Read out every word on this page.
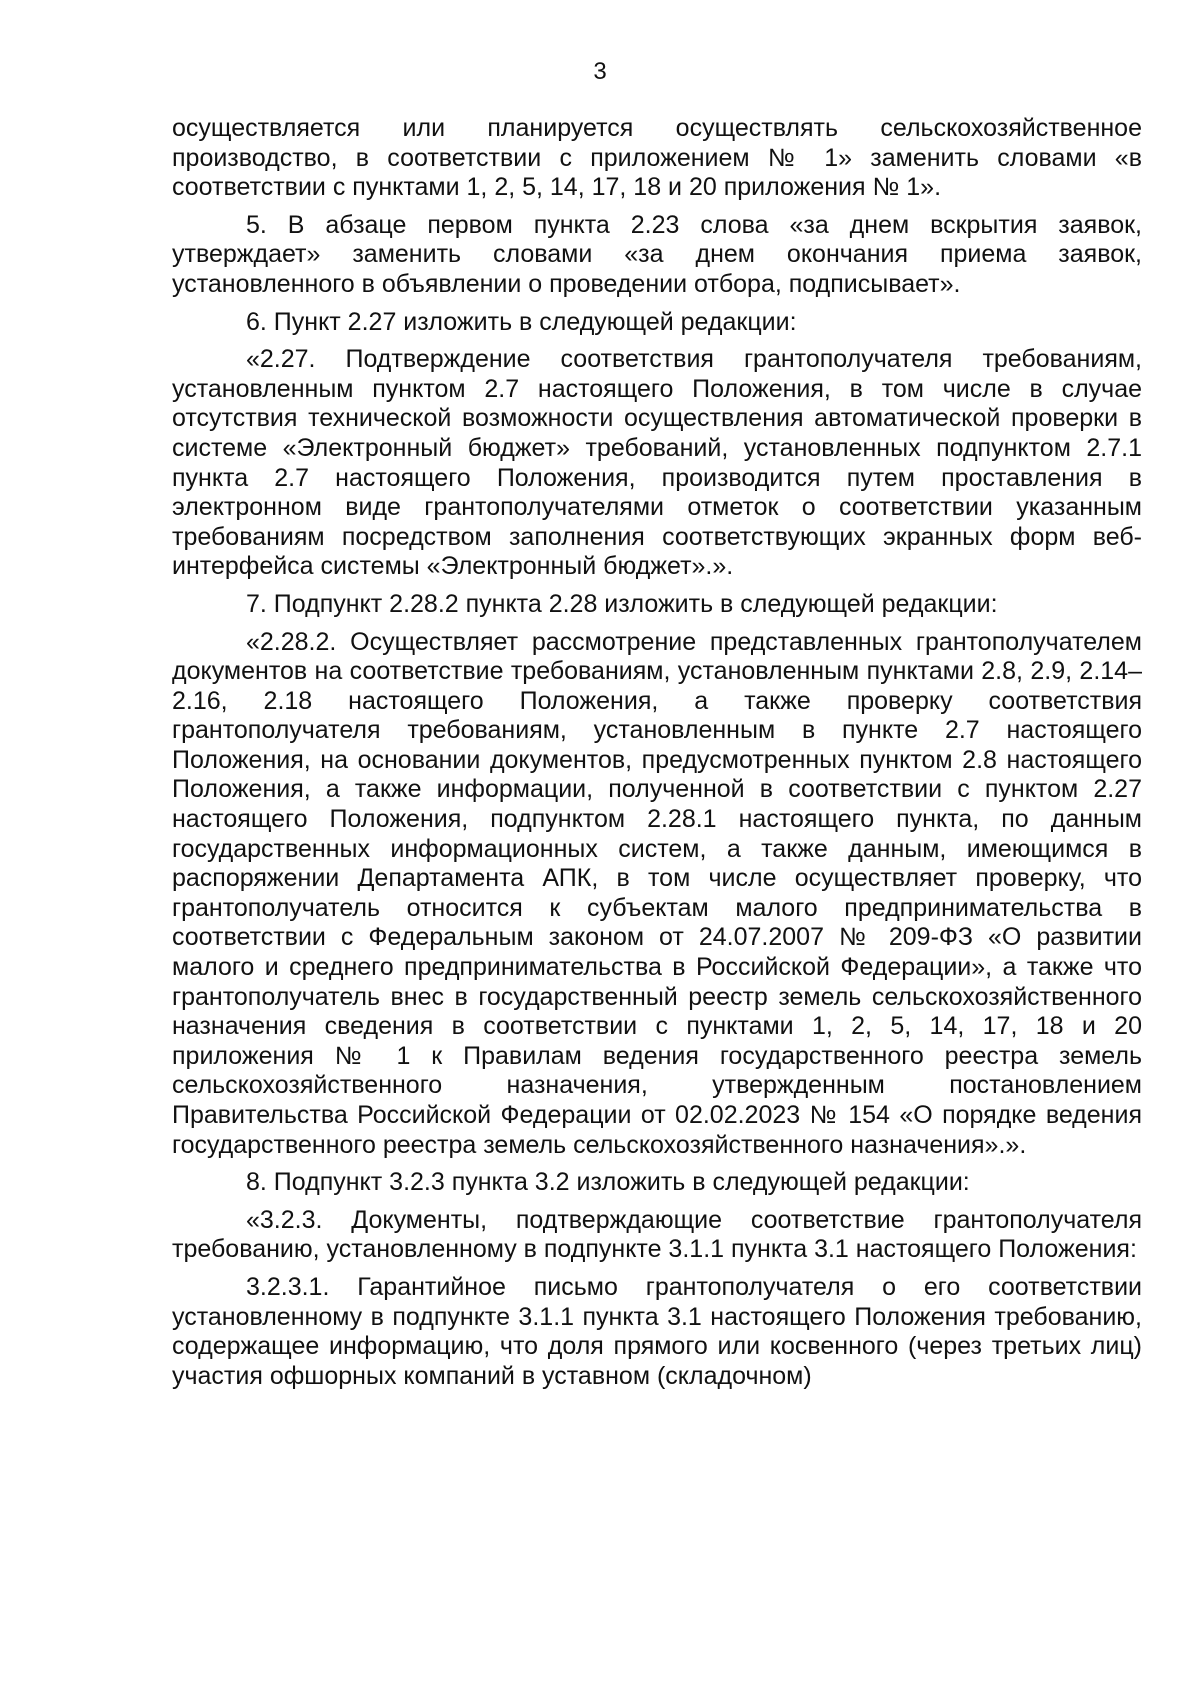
3

осуществляется или планируется осуществлять сельскохозяйственное производство, в соответствии с приложением № 1» заменить словами «в соответствии с пунктами 1, 2, 5, 14, 17, 18 и 20 приложения № 1».

5. В абзаце первом пункта 2.23 слова «за днем вскрытия заявок, утверждает» заменить словами «за днем окончания приема заявок, установленного в объявлении о проведении отбора, подписывает».

6. Пункт 2.27 изложить в следующей редакции:

«2.27. Подтверждение соответствия грантополучателя требованиям, установленным пунктом 2.7 настоящего Положения, в том числе в случае отсутствия технической возможности осуществления автоматической проверки в системе «Электронный бюджет» требований, установленных подпунктом 2.7.1 пункта 2.7 настоящего Положения, производится путем проставления в электронном виде грантополучателями отметок о соответствии указанным требованиям посредством заполнения соответствующих экранных форм веб-интерфейса системы «Электронный бюджет».».

7. Подпункт 2.28.2 пункта 2.28 изложить в следующей редакции:

«2.28.2. Осуществляет рассмотрение представленных грантополучателем документов на соответствие требованиям, установленным пунктами 2.8, 2.9, 2.14–2.16, 2.18 настоящего Положения, а также проверку соответствия грантополучателя требованиям, установленным в пункте 2.7 настоящего Положения, на основании документов, предусмотренных пунктом 2.8 настоящего Положения, а также информации, полученной в соответствии с пунктом 2.27 настоящего Положения, подпунктом 2.28.1 настоящего пункта, по данным государственных информационных систем, а также данным, имеющимся в распоряжении Департамента АПК, в том числе осуществляет проверку, что грантополучатель относится к субъектам малого предпринимательства в соответствии с Федеральным законом от 24.07.2007 № 209-ФЗ «О развитии малого и среднего предпринимательства в Российской Федерации», а также что грантополучатель внес в государственный реестр земель сельскохозяйственного назначения сведения в соответствии с пунктами 1, 2, 5, 14, 17, 18 и 20 приложения № 1 к Правилам ведения государственного реестра земель сельскохозяйственного назначения, утвержденным постановлением Правительства Российской Федерации от 02.02.2023 № 154 «О порядке ведения государственного реестра земель сельскохозяйственного назначения».».

8. Подпункт 3.2.3 пункта 3.2 изложить в следующей редакции:

«3.2.3. Документы, подтверждающие соответствие грантополучателя требованию, установленному в подпункте 3.1.1 пункта 3.1 настоящего Положения:

3.2.3.1. Гарантийное письмо грантополучателя о его соответствии установленному в подпункте 3.1.1 пункта 3.1 настоящего Положения требованию, содержащее информацию, что доля прямого или косвенного (через третьих лиц) участия офшорных компаний в уставном (складочном)
